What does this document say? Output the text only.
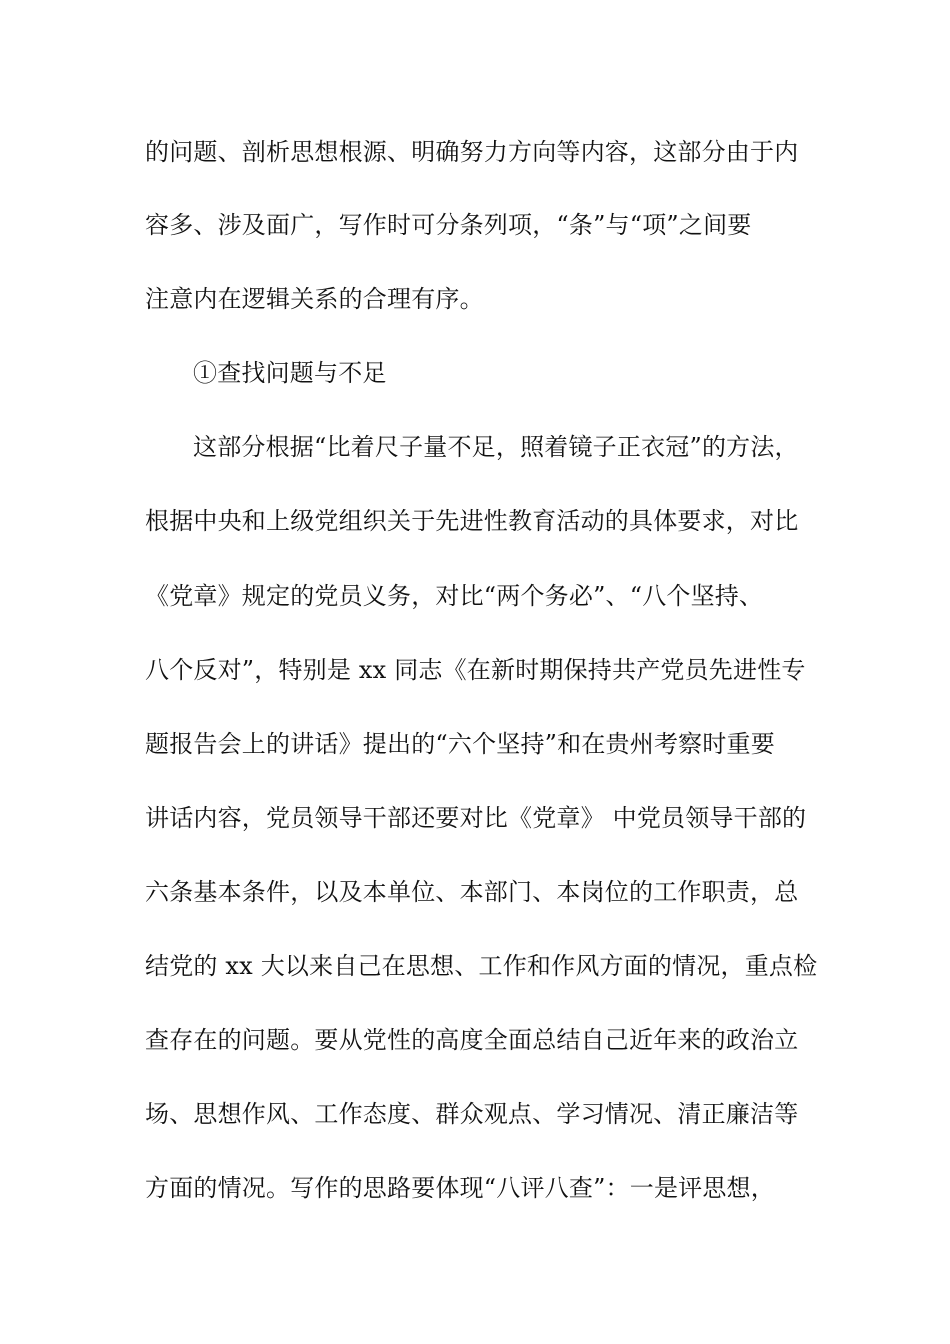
的问题、剖析思想根源、明确努力方向等内容，这部分由于内
容多、涉及面广，写作时可分条列项，“条”与“项”之间要
注意内在逻辑关系的合理有序。
①查找问题与不足
这部分根据“比着尺子量不足，照着镜子正衣冠”的方法，
根据中央和上级党组织关于先进性教育活动的具体要求，对比
《党章》规定的党员义务，对比“两个务必”、“八个坚持、
八个反对”，特别是 xx 同志《在新时期保持共产党员先进性专
题报告会上的讲话》提出的“六个坚持”和在贵州考察时重要
讲话内容，党员领导干部还要对比《党章》 中党员领导干部的
六条基本条件，以及本单位、本部门、本岗位的工作职责，总
结党的 xx 大以来自己在思想、工作和作风方面的情况，重点检
查存在的问题。要从党性的高度全面总结自己近年来的政治立
场、思想作风、工作态度、群众观点、学习情况、清正廉洁等
方面的情况。写作的思路要体现“八评八查”：一是评思想，
